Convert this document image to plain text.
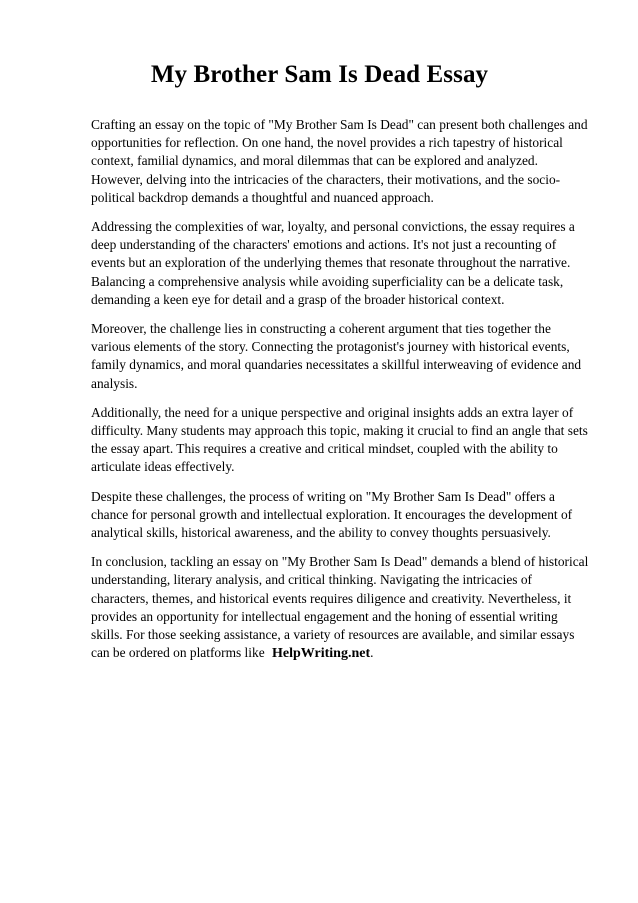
My Brother Sam Is Dead Essay

Crafting an essay on the topic of "My Brother Sam Is Dead" can present both challenges and opportunities for reflection. On one hand, the novel provides a rich tapestry of historical context, familial dynamics, and moral dilemmas that can be explored and analyzed. However, delving into the intricacies of the characters, their motivations, and the socio-political backdrop demands a thoughtful and nuanced approach.

Addressing the complexities of war, loyalty, and personal convictions, the essay requires a deep understanding of the characters' emotions and actions. It's not just a recounting of events but an exploration of the underlying themes that resonate throughout the narrative. Balancing a comprehensive analysis while avoiding superficiality can be a delicate task, demanding a keen eye for detail and a grasp of the broader historical context.

Moreover, the challenge lies in constructing a coherent argument that ties together the various elements of the story. Connecting the protagonist's journey with historical events, family dynamics, and moral quandaries necessitates a skillful interweaving of evidence and analysis.

Additionally, the need for a unique perspective and original insights adds an extra layer of difficulty. Many students may approach this topic, making it crucial to find an angle that sets the essay apart. This requires a creative and critical mindset, coupled with the ability to articulate ideas effectively.

Despite these challenges, the process of writing on "My Brother Sam Is Dead" offers a chance for personal growth and intellectual exploration. It encourages the development of analytical skills, historical awareness, and the ability to convey thoughts persuasively.

In conclusion, tackling an essay on "My Brother Sam Is Dead" demands a blend of historical understanding, literary analysis, and critical thinking. Navigating the intricacies of characters, themes, and historical events requires diligence and creativity. Nevertheless, it provides an opportunity for intellectual engagement and the honing of essential writing skills. For those seeking assistance, a variety of resources are available, and similar essays can be ordered on platforms like HelpWriting.net.
